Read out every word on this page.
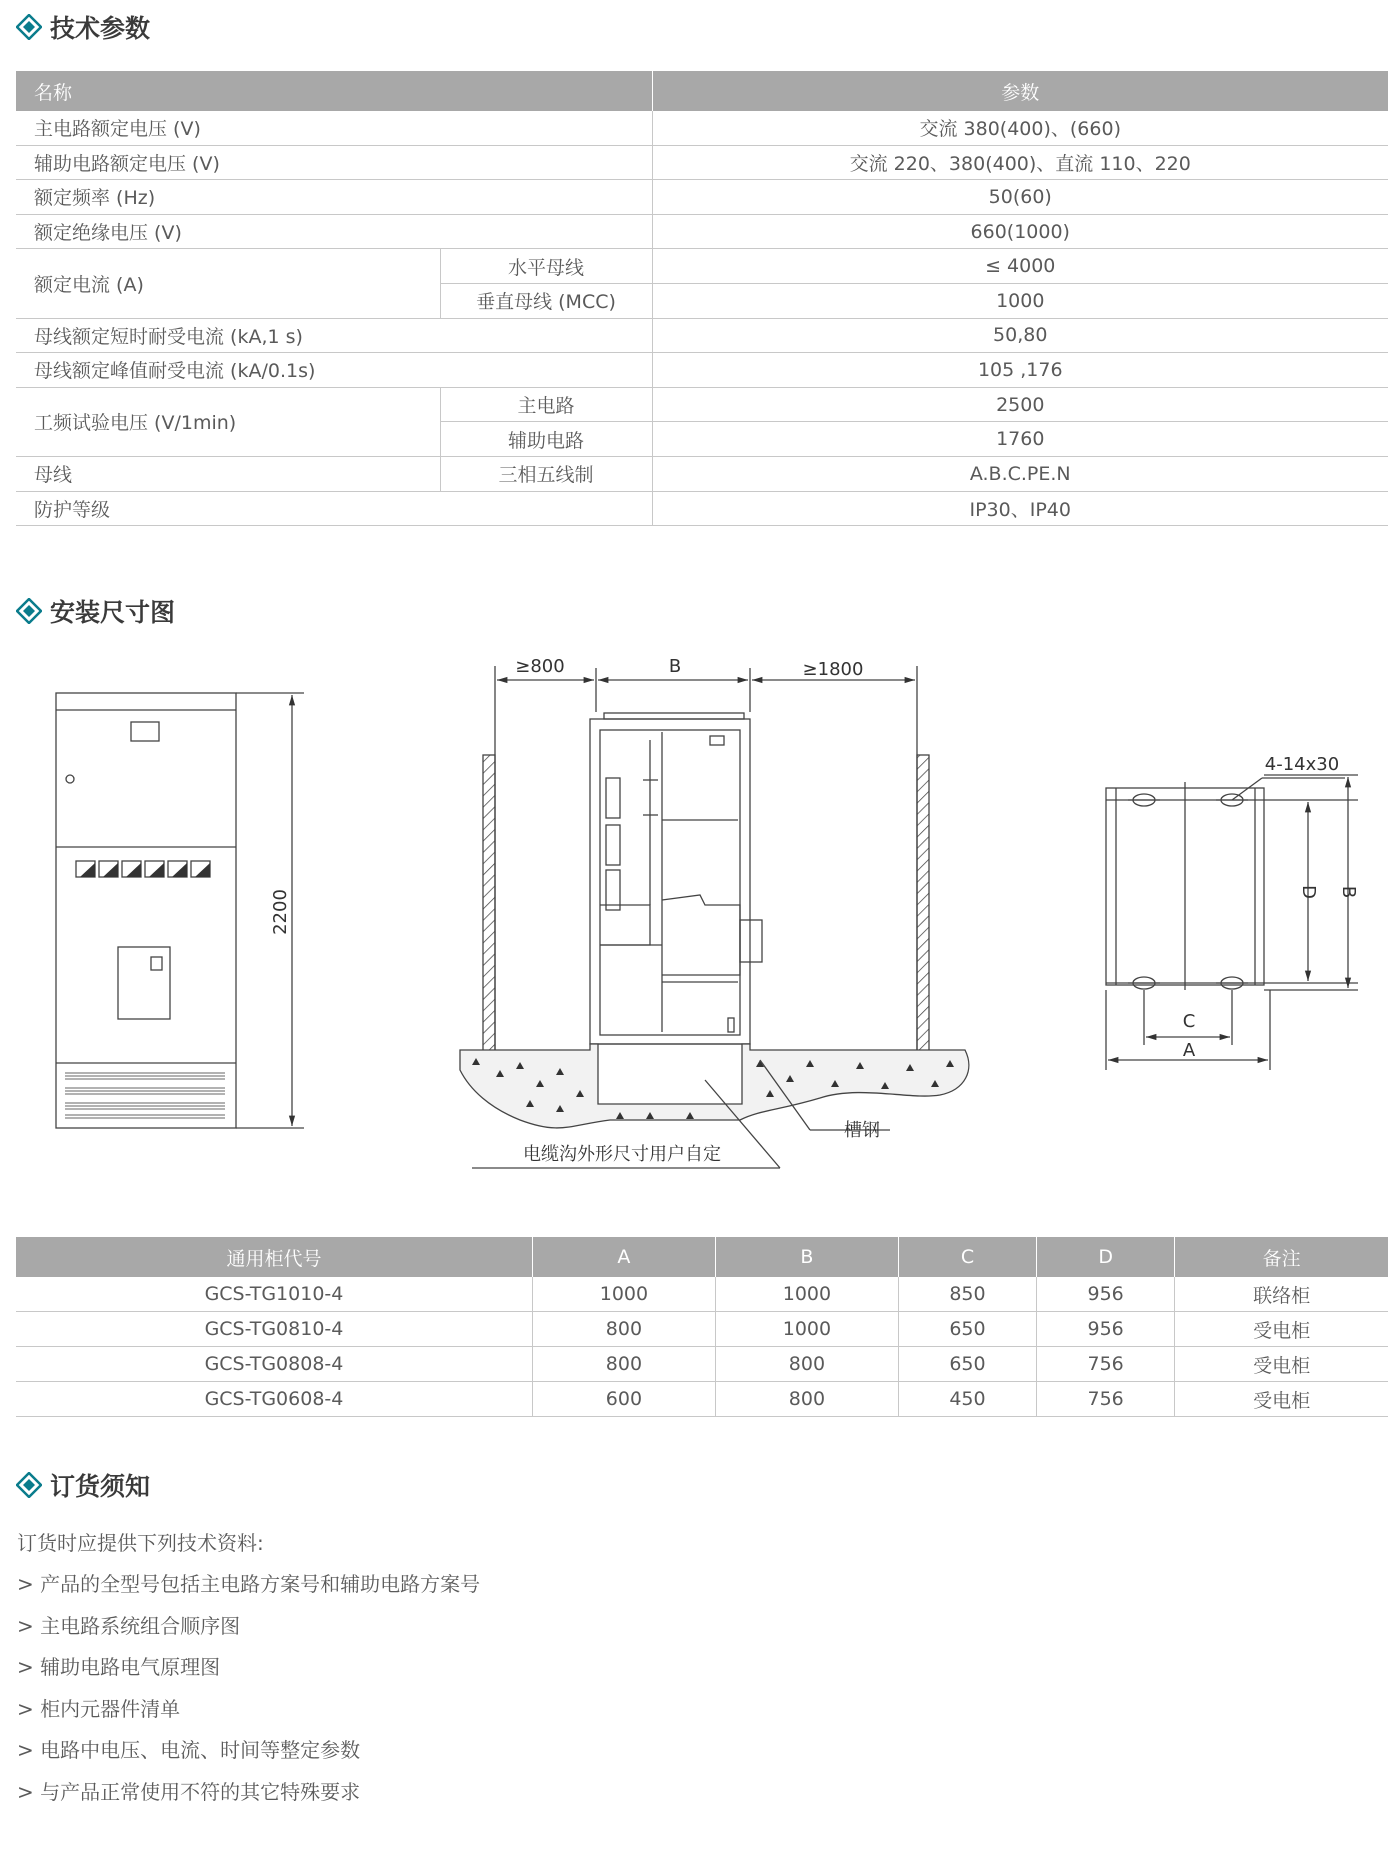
技术参数
名称		参数
主电路额定电压 (V)		交流 380(400)、(660)
辅助电路额定电压 (V)		交流 220、380(400)、直流 110、220
额定频率 (Hz)		50(60)
额定绝缘电压 (V)		660(1000)
额定电流 (A)	水平母线	≤ 4000
	垂直母线 (MCC)	1000
母线额定短时耐受电流 (kA,1 s)		50,80
母线额定峰值耐受电流 (kA/0.1s)		105 ,176
工频试验电压 (V/1min)	主电路	2500
	辅助电路	1760
母线	三相五线制	A.B.C.PE.N
防护等级		IP30、IP40
安装尺寸图
2200
≥800	B	≥1800
槽钢
电缆沟外形尺寸用户自定
4-14x30
A
C
D B
通用柜代号	A	B	C	D	备注
GCS-TG1010-4	1000	1000	850	956	联络柜
GCS-TG0810-4	800	1000	650	956	受电柜
GCS-TG0808-4	800	800	650	756	受电柜
GCS-TG0608-4	600	800	450	756	受电柜
订货须知
订货时应提供下列技术资料:
> 产品的全型号包括主电路方案号和辅助电路方案号
> 主电路系统组合顺序图
> 辅助电路电气原理图
> 柜内元器件清单
> 电路中电压、电流、时间等整定参数
> 与产品正常使用不符的其它特殊要求
